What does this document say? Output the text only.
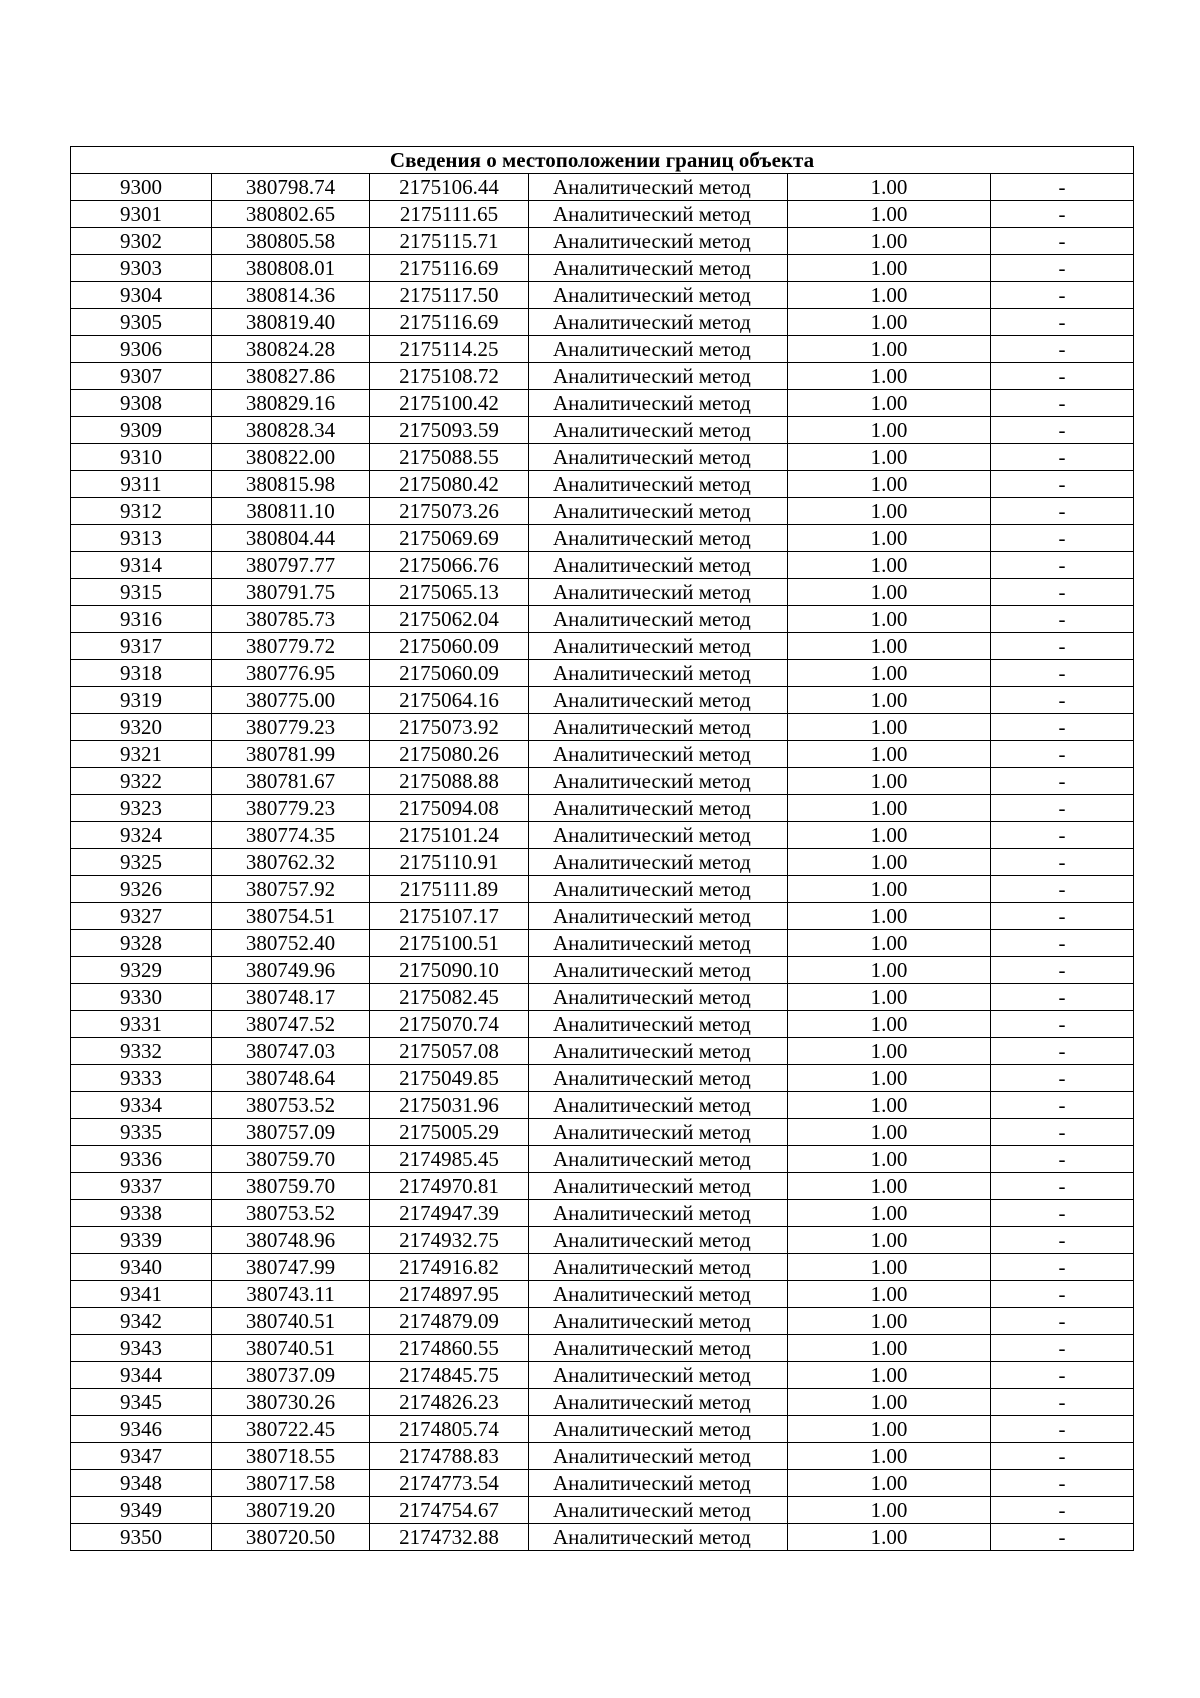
Сведения о местоположении границ объекта					
9300	380798.74	2175106.44	Аналитический метод	1.00	-
9301	380802.65	2175111.65	Аналитический метод	1.00	-
9302	380805.58	2175115.71	Аналитический метод	1.00	-
9303	380808.01	2175116.69	Аналитический метод	1.00	-
9304	380814.36	2175117.50	Аналитический метод	1.00	-
9305	380819.40	2175116.69	Аналитический метод	1.00	-
9306	380824.28	2175114.25	Аналитический метод	1.00	-
9307	380827.86	2175108.72	Аналитический метод	1.00	-
9308	380829.16	2175100.42	Аналитический метод	1.00	-
9309	380828.34	2175093.59	Аналитический метод	1.00	-
9310	380822.00	2175088.55	Аналитический метод	1.00	-
9311	380815.98	2175080.42	Аналитический метод	1.00	-
9312	380811.10	2175073.26	Аналитический метод	1.00	-
9313	380804.44	2175069.69	Аналитический метод	1.00	-
9314	380797.77	2175066.76	Аналитический метод	1.00	-
9315	380791.75	2175065.13	Аналитический метод	1.00	-
9316	380785.73	2175062.04	Аналитический метод	1.00	-
9317	380779.72	2175060.09	Аналитический метод	1.00	-
9318	380776.95	2175060.09	Аналитический метод	1.00	-
9319	380775.00	2175064.16	Аналитический метод	1.00	-
9320	380779.23	2175073.92	Аналитический метод	1.00	-
9321	380781.99	2175080.26	Аналитический метод	1.00	-
9322	380781.67	2175088.88	Аналитический метод	1.00	-
9323	380779.23	2175094.08	Аналитический метод	1.00	-
9324	380774.35	2175101.24	Аналитический метод	1.00	-
9325	380762.32	2175110.91	Аналитический метод	1.00	-
9326	380757.92	2175111.89	Аналитический метод	1.00	-
9327	380754.51	2175107.17	Аналитический метод	1.00	-
9328	380752.40	2175100.51	Аналитический метод	1.00	-
9329	380749.96	2175090.10	Аналитический метод	1.00	-
9330	380748.17	2175082.45	Аналитический метод	1.00	-
9331	380747.52	2175070.74	Аналитический метод	1.00	-
9332	380747.03	2175057.08	Аналитический метод	1.00	-
9333	380748.64	2175049.85	Аналитический метод	1.00	-
9334	380753.52	2175031.96	Аналитический метод	1.00	-
9335	380757.09	2175005.29	Аналитический метод	1.00	-
9336	380759.70	2174985.45	Аналитический метод	1.00	-
9337	380759.70	2174970.81	Аналитический метод	1.00	-
9338	380753.52	2174947.39	Аналитический метод	1.00	-
9339	380748.96	2174932.75	Аналитический метод	1.00	-
9340	380747.99	2174916.82	Аналитический метод	1.00	-
9341	380743.11	2174897.95	Аналитический метод	1.00	-
9342	380740.51	2174879.09	Аналитический метод	1.00	-
9343	380740.51	2174860.55	Аналитический метод	1.00	-
9344	380737.09	2174845.75	Аналитический метод	1.00	-
9345	380730.26	2174826.23	Аналитический метод	1.00	-
9346	380722.45	2174805.74	Аналитический метод	1.00	-
9347	380718.55	2174788.83	Аналитический метод	1.00	-
9348	380717.58	2174773.54	Аналитический метод	1.00	-
9349	380719.20	2174754.67	Аналитический метод	1.00	-
9350	380720.50	2174732.88	Аналитический метод	1.00	-
